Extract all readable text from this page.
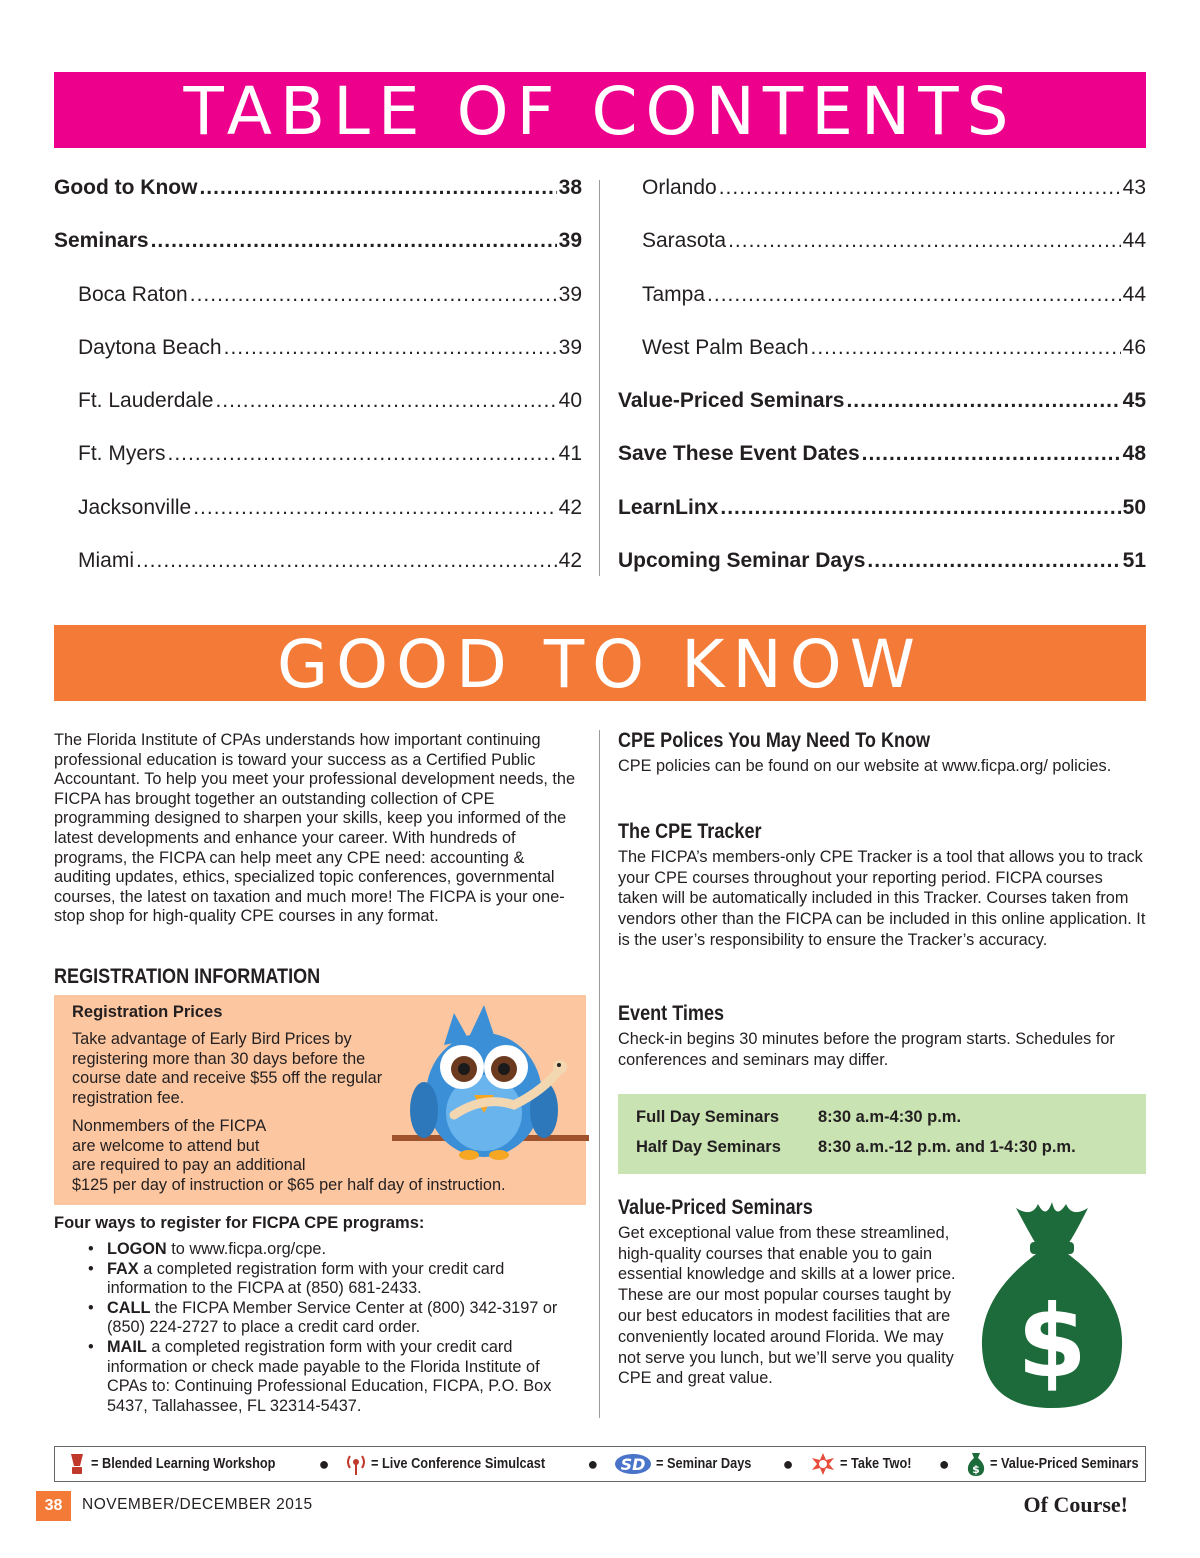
TABLE OF CONTENTS
Good to Know .....	38
Seminars .....	39
Boca Raton .....	39
Daytona Beach .....	39
Ft. Lauderdale .....	40
Ft. Myers .....	41
Jacksonville .....	42
Miami .....	42
Orlando .....	43
Sarasota .....	44
Tampa .....	44
West Palm Beach .....	46
Value-Priced Seminars .....	45
Save These Event Dates .....	48
LearnLinx .....	50
Upcoming Seminar Days .....	51
GOOD TO KNOW

The Florida Institute of CPAs understands how important continuing professional education is toward your success as a Certified Public Accountant. To help you meet your professional development needs, the FICPA has brought together an outstanding collection of CPE programming designed to sharpen your skills, keep you informed of the latest developments and enhance your career. With hundreds of programs, the FICPA can help meet any CPE need: accounting & auditing updates, ethics, specialized topic conferences, governmental courses, the latest on taxation and much more! The FICPA is your one-stop shop for high-quality CPE courses in any format.

REGISTRATION INFORMATION
Registration Prices

Take advantage of Early Bird Prices by registering more than 30 days before the course date and receive $55 off the regular registration fee.

Nonmembers of the FICPA
are welcome to attend but
are required to pay an additional
$125 per day of instruction or $65 per half day of instruction.
Four ways to register for FICPA CPE programs:
• LOGON to www.ficpa.org/cpe.
• FAX a completed registration form with your credit card information to the FICPA at (850) 681-2433.
• CALL the FICPA Member Service Center at (800) 342-3197 or (850) 224-2727 to place a credit card order.
• MAIL a completed registration form with your credit card information or check made payable to the Florida Institute of CPAs to: Continuing Professional Education, FICPA, P.O. Box 5437, Tallahassee, FL 32314-5437.
CPE Polices You May Need To Know

CPE policies can be found on our website at www.ficpa.org/ policies.

The CPE Tracker

The FICPA’s members-only CPE Tracker is a tool that allows you to track your CPE courses throughout your reporting period. FICPA courses taken will be automatically included in this Tracker. Courses taken from vendors other than the FICPA can be included in this online application. It is the user’s responsibility to ensure the Tracker’s accuracy.

Event Times

Check-in begins 30 minutes before the program starts. Schedules for conferences and seminars may differ.

Full Day Seminars 8:30 a.m-4:30 p.m.
Half Day Seminars 8:30 a.m.-12 p.m. and 1-4:30 p.m.
Value-Priced Seminars

Get exceptional value from these streamlined, high-quality courses that enable you to gain essential knowledge and skills at a lower price. These are our most popular courses taught by our best educators in modest facilities that are conveniently located around Florida. We may not serve you lunch, but we’ll serve you quality CPE and great value.	$
= Blended Learning Workshop ●	= Live Conference Simulcast ● SD = Seminar Days ●	= Take Two! ● $ = Value-Priced Seminars
38	NOVEMBER/DECEMBER 2015	Of Course!
